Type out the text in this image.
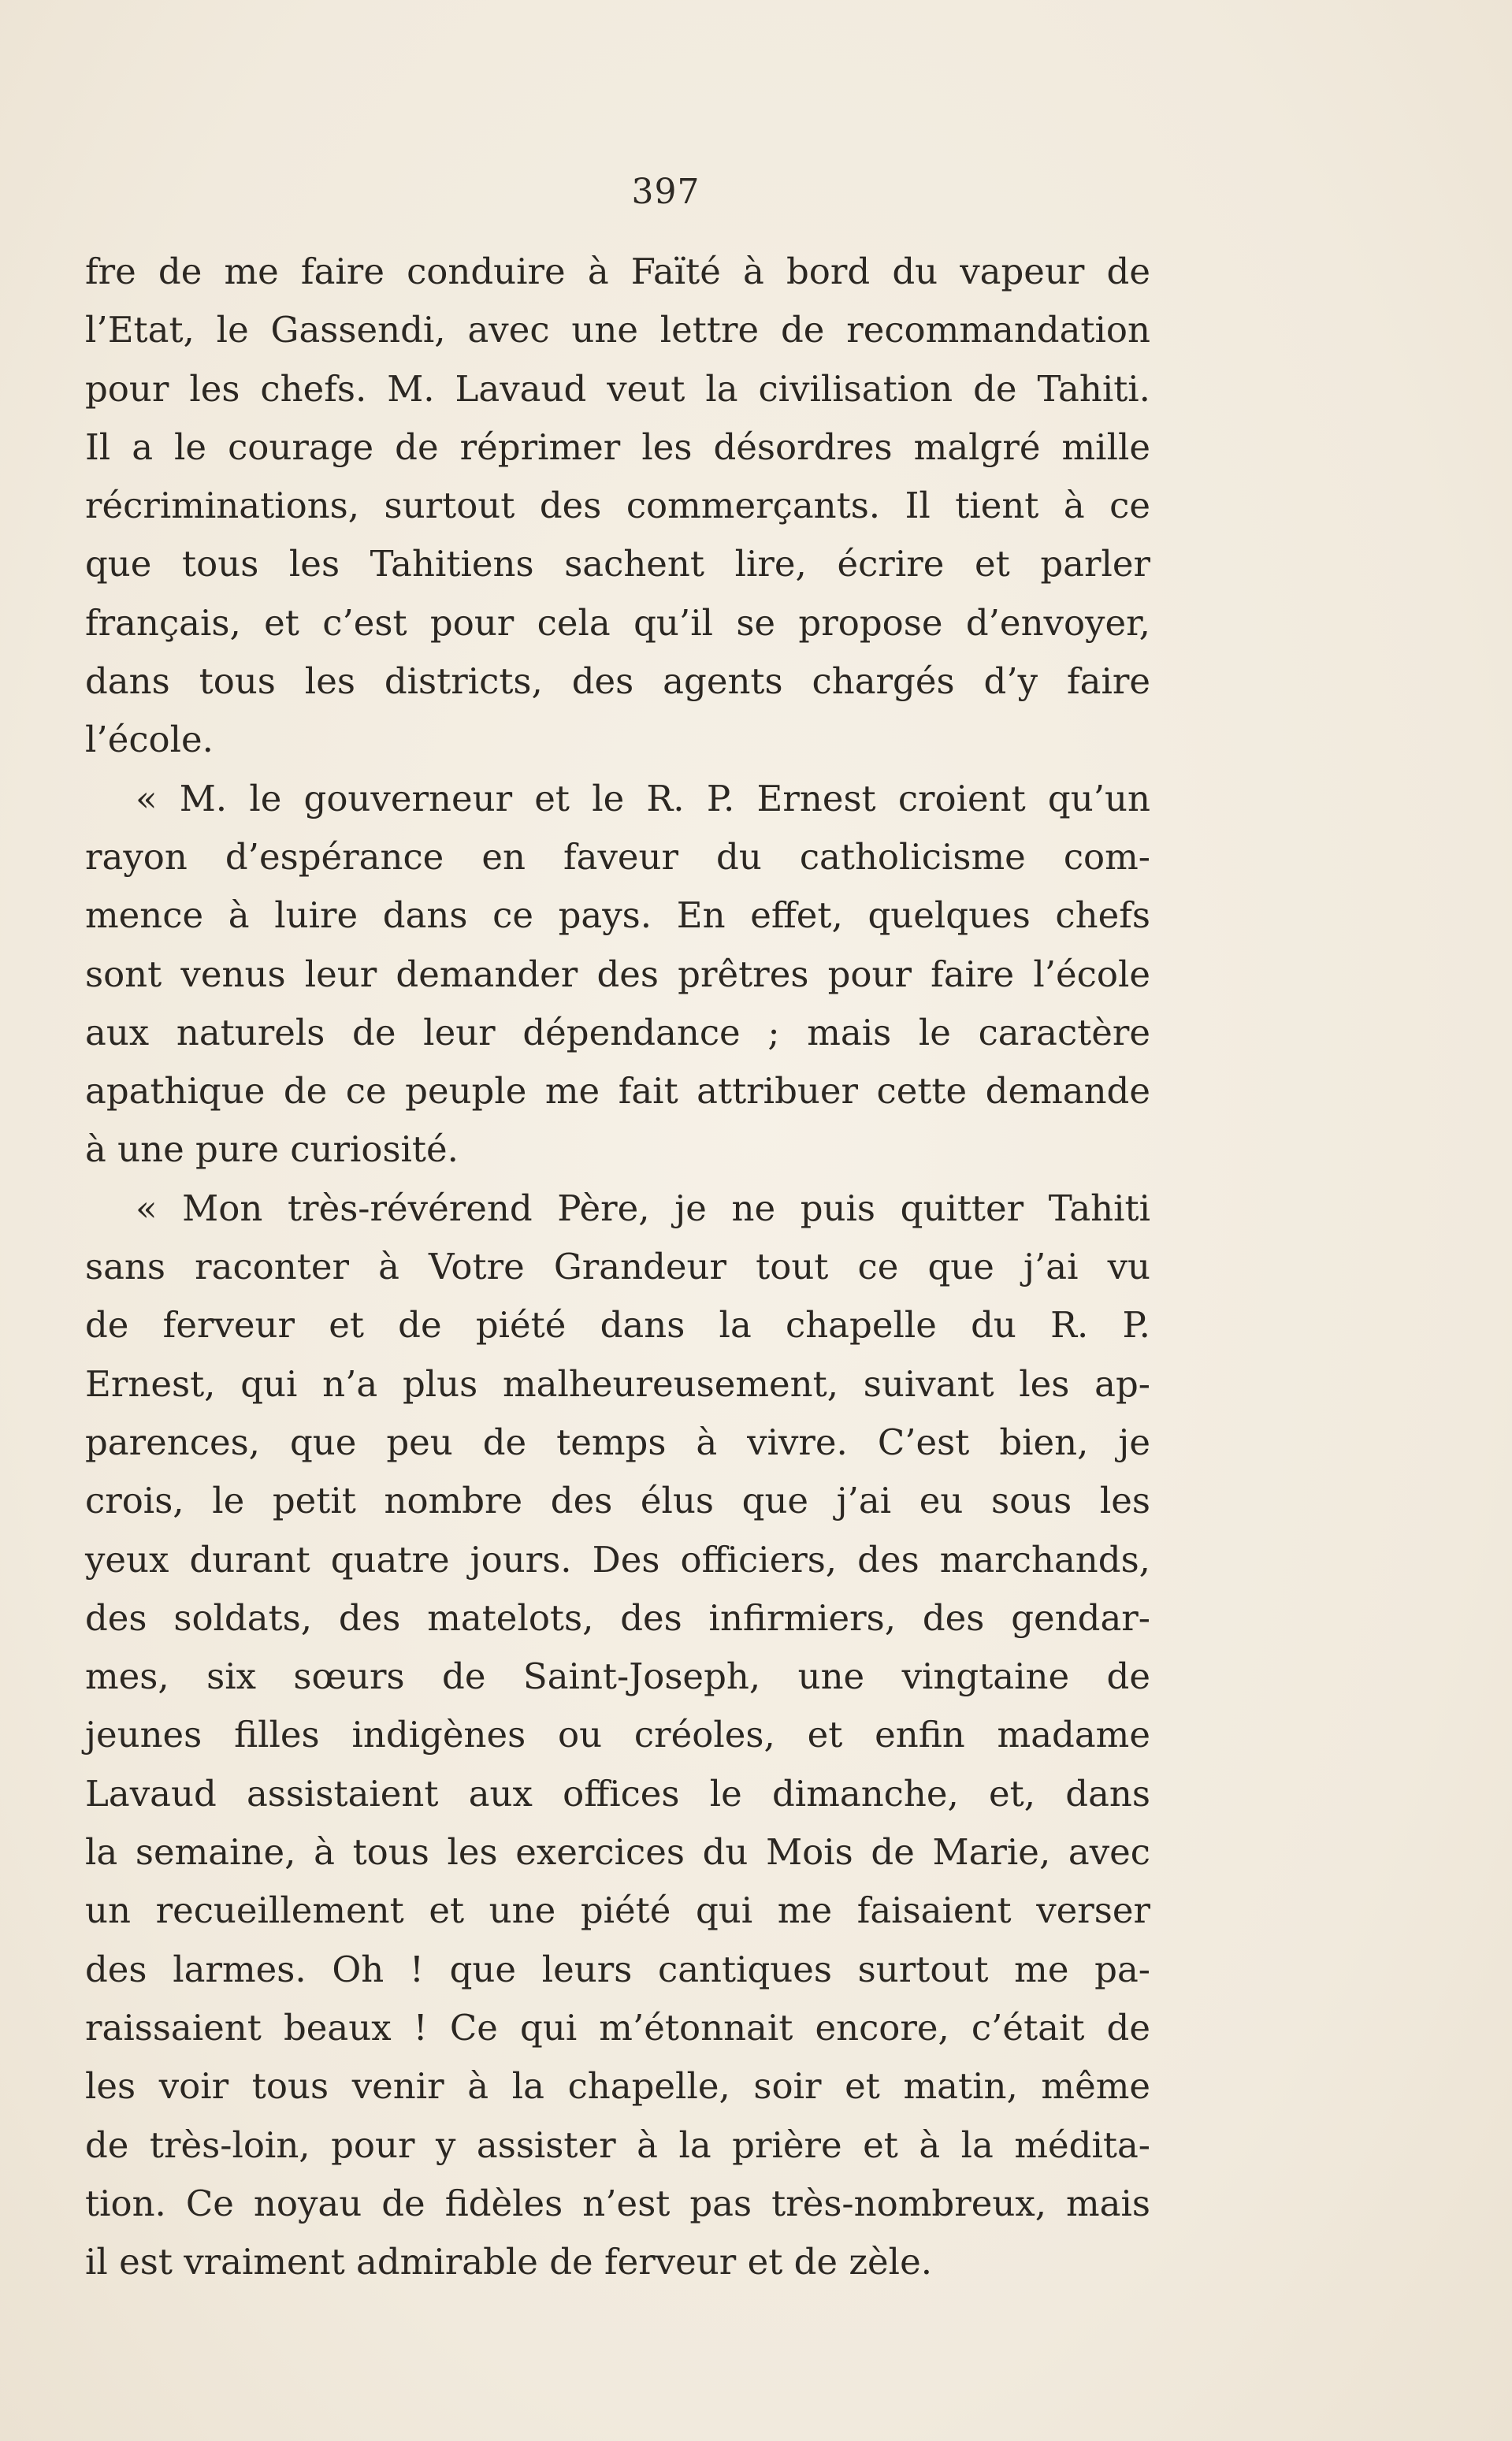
397
fre de me faire conduire à Faïté à bord du vapeur de
l’Etat, le Gassendi, avec une lettre de recommandation
pour les chefs. M. Lavaud veut la civilisation de Tahiti.
Il a le courage de réprimer les désordres malgré mille
récriminations, surtout des commerçants. Il tient à ce
que tous les Tahitiens sachent lire, écrire et parler
français, et c’est pour cela qu’il se propose d’envoyer,
dans tous les districts, des agents chargés d’y faire
l’école.
« M. le gouverneur et le R. P. Ernest croient qu’un
rayon d’espérance en faveur du catholicisme com-
mence à luire dans ce pays. En effet, quelques chefs
sont venus leur demander des prêtres pour faire l’école
aux naturels de leur dépendance ; mais le caractère
apathique de ce peuple me fait attribuer cette demande
à une pure curiosité.
« Mon très-révérend Père, je ne puis quitter Tahiti
sans raconter à Votre Grandeur tout ce que j’ai vu
de ferveur et de piété dans la chapelle du R. P.
Ernest, qui n’a plus malheureusement, suivant les ap-
parences, que peu de temps à vivre. C’est bien, je
crois, le petit nombre des élus que j’ai eu sous les
yeux durant quatre jours. Des officiers, des marchands,
des soldats, des matelots, des infirmiers, des gendar-
mes, six sœurs de Saint-Joseph, une vingtaine de
jeunes filles indigènes ou créoles, et enfin madame
Lavaud assistaient aux offices le dimanche, et, dans
la semaine, à tous les exercices du Mois de Marie, avec
un recueillement et une piété qui me faisaient verser
des larmes. Oh ! que leurs cantiques surtout me pa-
raissaient beaux ! Ce qui m’étonnait encore, c’était de
les voir tous venir à la chapelle, soir et matin, même
de très-loin, pour y assister à la prière et à la médita-
tion. Ce noyau de fidèles n’est pas très-nombreux, mais
il est vraiment admirable de ferveur et de zèle.
